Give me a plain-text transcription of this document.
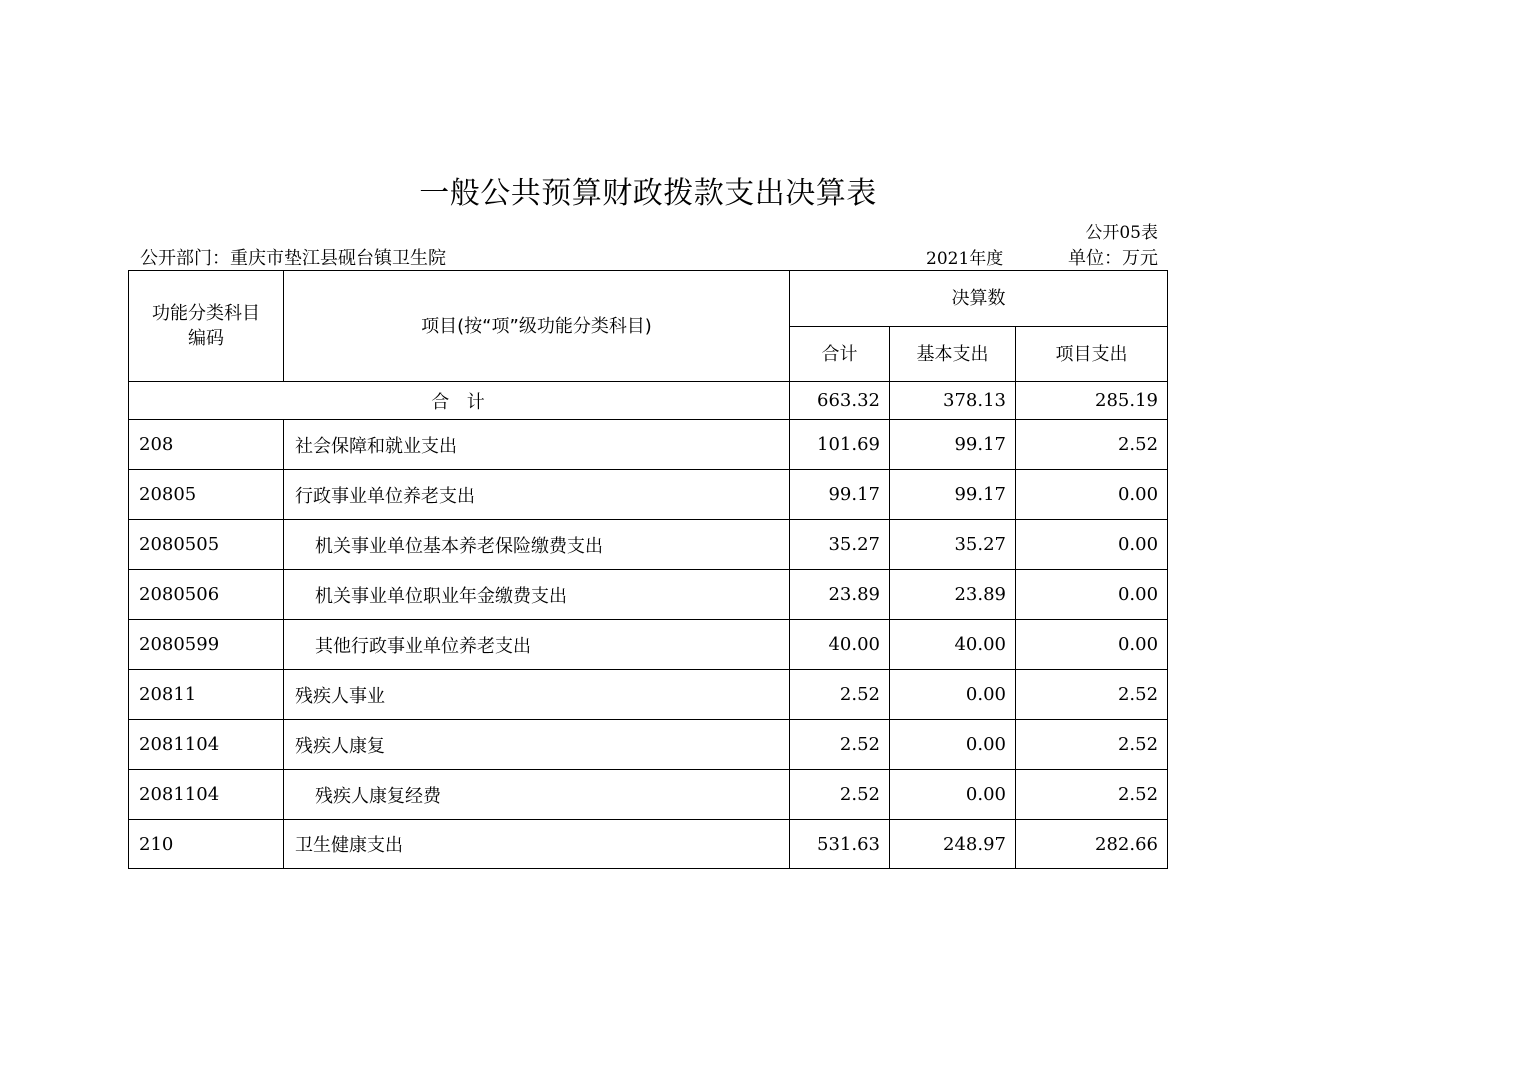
一般公共预算财政拨款支出决算表
公开05表
公开部门：重庆市垫江县砚台镇卫生院	2021年度	单位：万元
功能分类科目
编码	项目(按“项”级功能分类科目)	决算数		
		合计	基本支出	项目支出
合  计		663.32	378.13	285.19
208	社会保障和就业支出	101.69	99.17	2.52
20805	行政事业单位养老支出	99.17	99.17	0.00
2080505	机关事业单位基本养老保险缴费支出	35.27	35.27	0.00
2080506	机关事业单位职业年金缴费支出	23.89	23.89	0.00
2080599	其他行政事业单位养老支出	40.00	40.00	0.00
20811	残疾人事业	2.52	0.00	2.52
2081104	残疾人康复	2.52	0.00	2.52
2081104	残疾人康复经费	2.52	0.00	2.52
210	卫生健康支出	531.63	248.97	282.66
